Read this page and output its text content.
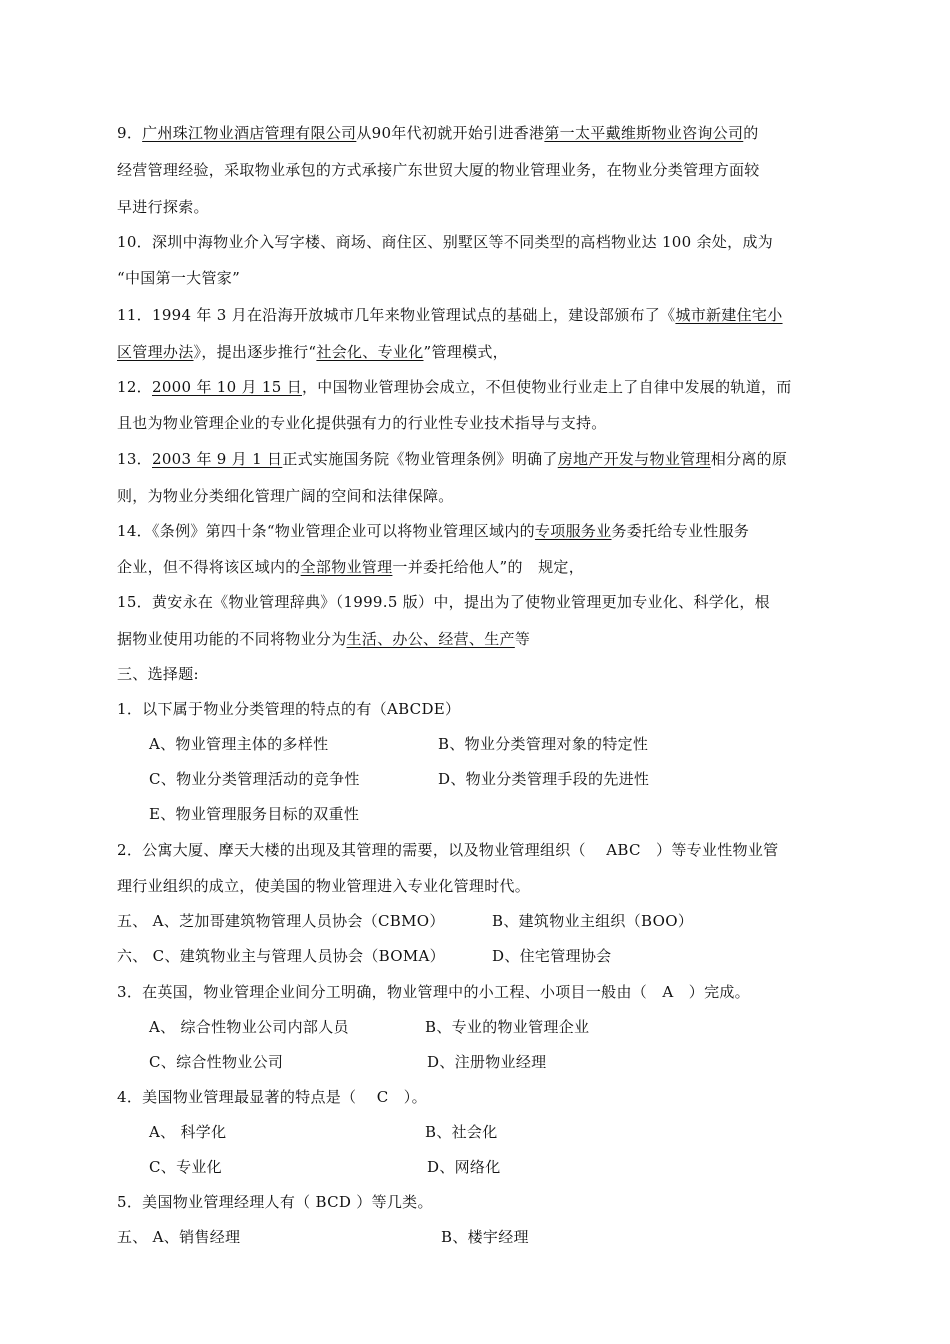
9．广州珠江物业酒店管理有限公司从90年代初就开始引进香港第一太平戴维斯物业咨询公司的
经营管理经验，采取物业承包的方式承接广东世贸大厦的物业管理业务，在物业分类管理方面较
早进行探索。
10．深圳中海物业介入写字楼、商场、商住区、别墅区等不同类型的高档物业达 100 余处，成为
“中国第一大管家”
11．1994 年 3 月在沿海开放城市几年来物业管理试点的基础上，建设部颁布了《城市新建住宅小
区管理办法》，提出逐步推行“社会化、专业化”管理模式，
12．2000 年 10 月 15 日，中国物业管理协会成立，不但使物业行业走上了自律中发展的轨道，而
且也为物业管理企业的专业化提供强有力的行业性专业技术指导与支持。
13．2003 年 9 月 1 日正式实施国务院《物业管理条例》明确了房地产开发与物业管理相分离的原
则，为物业分类细化管理广阔的空间和法律保障。
14．《条例》第四十条“物业管理企业可以将物业管理区域内的专项服务业务委托给专业性服务
企业，但不得将该区域内的全部物业管理一并委托给他人”的　规定，
15．黄安永在《物业管理辞典》（1999.5 版）中，提出为了使物业管理更加专业化、科学化，根
据物业使用功能的不同将物业分为生活、办公、经营、生产等
三、选择题:
1．以下属于物业分类管理的特点的有（ABCDE）
A、物业管理主体的多样性	B、物业分类管理对象的特定性
C、物业分类管理活动的竞争性	D、物业分类管理手段的先进性
E、物业管理服务目标的双重性
2．公寓大厦、摩天大楼的出现及其管理的需要，以及物业管理组织（　 ABC　）等专业性物业管
理行业组织的成立，使美国的物业管理进入专业化管理时代。
五、 A、芝加哥建筑物管理人员协会（CBMO）	B、建筑物业主组织（BOO）
六、 C、建筑物业主与管理人员协会（BOMA）	D、住宅管理协会
3．在英国，物业管理企业间分工明确，物业管理中的小工程、小项目一般由（　A　）完成。
A、 综合性物业公司内部人员	B、专业的物业管理企业
C、综合性物业公司	D、注册物业经理
4．美国物业管理最显著的特点是（　 C　）。
A、 科学化	B、社会化
C、专业化	D、网络化
5．美国物业管理经理人有（ BCD ）等几类。
五、 A、销售经理	B、楼宇经理
